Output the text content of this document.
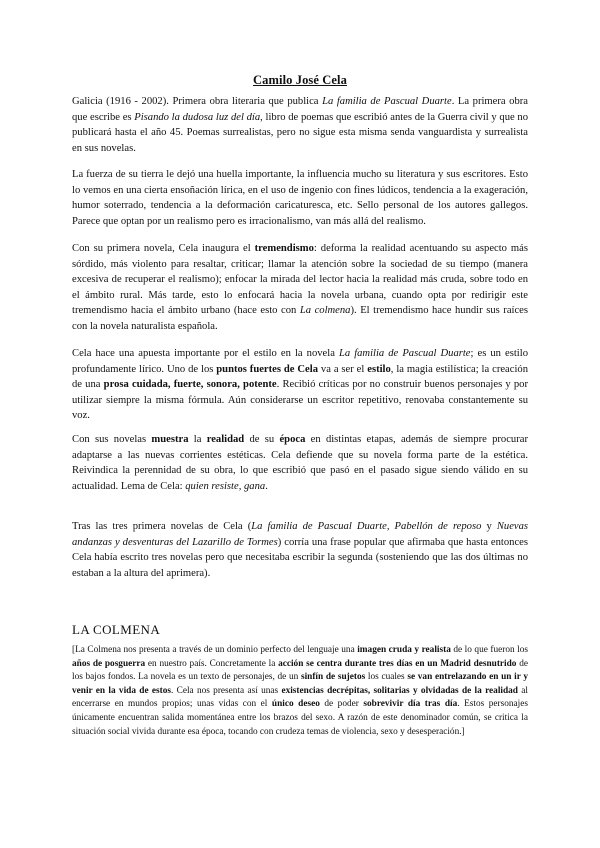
Camilo José Cela

Galicia (1916 - 2002). Primera obra literaria que publica La familia de Pascual Duarte. La primera obra que escribe es Pisando la dudosa luz del día, libro de poemas que escribió antes de la Guerra civil y que no publicará hasta el año 45. Poemas surrealistas, pero no sigue esta misma senda vanguardista y surrealista en sus novelas.

La fuerza de su tierra le dejó una huella importante, la influencia mucho su literatura y sus escritores. Esto lo vemos en una cierta ensoñación lírica, en el uso de ingenio con fines lúdicos, tendencia a la exageración, humor soterrado, tendencia a la deformación caricaturesca, etc. Sello personal de los autores gallegos. Parece que optan por un realismo pero es irracionalismo, van más allá del realismo.

Con su primera novela, Cela inaugura el tremendismo: deforma la realidad acentuando su aspecto más sórdido, más violento para resaltar, criticar; llamar la atención sobre la sociedad de su tiempo (manera excesiva de recuperar el realismo); enfocar la mirada del lector hacia la realidad más cruda, sobre todo en el ámbito rural. Más tarde, esto lo enfocará hacia la novela urbana, cuando opta por redirigir este tremendismo hacia el ámbito urbano (hace esto con La colmena). El tremendismo hace hundir sus raíces con la novela naturalista española.

Cela hace una apuesta importante por el estilo en la novela La familia de Pascual Duarte; es un estilo profundamente lírico. Uno de los puntos fuertes de Cela va a ser el estilo, la magia estilística; la creación de una prosa cuidada, fuerte, sonora, potente. Recibió críticas por no construir buenos personajes y por utilizar siempre la misma fórmula. Aún considerarse un escritor repetitivo, renovaba constantemente su voz.

Con sus novelas muestra la realidad de su época en distintas etapas, además de siempre procurar adaptarse a las nuevas corrientes estéticas. Cela defiende que su novela forma parte de la estética. Reivindica la perennidad de su obra, lo que escribió que pasó en el pasado sigue siendo válido en su actualidad. Lema de Cela: quien resiste, gana.

Tras las tres primera novelas de Cela (La familia de Pascual Duarte, Pabellón de reposo y Nuevas andanzas y desventuras del Lazarillo de Tormes) corría una frase popular que afirmaba que hasta entonces Cela había escrito tres novelas pero que necesitaba escribir la segunda (sosteniendo que las dos últimas no estaban a la altura del aprimera).

LA COLMENA

[La Colmena nos presenta a través de un dominio perfecto del lenguaje una imagen cruda y realista de lo que fueron los años de posguerra en nuestro país. Concretamente la acción se centra durante tres días en un Madrid desnutrido de los bajos fondos. La novela es un texto de personajes, de un sinfín de sujetos los cuales se van entrelazando en un ir y venir en la vida de estos. Cela nos presenta así unas existencias decrépitas, solitarias y olvidadas de la realidad al encerrarse en mundos propios; unas vidas con el único deseo de poder sobrevivir día tras día. Estos personajes únicamente encuentran salida momentánea entre los brazos del sexo. A razón de este denominador común, se critica la situación social vivida durante esa época, tocando con crudeza temas de violencia, sexo y desesperación.]
